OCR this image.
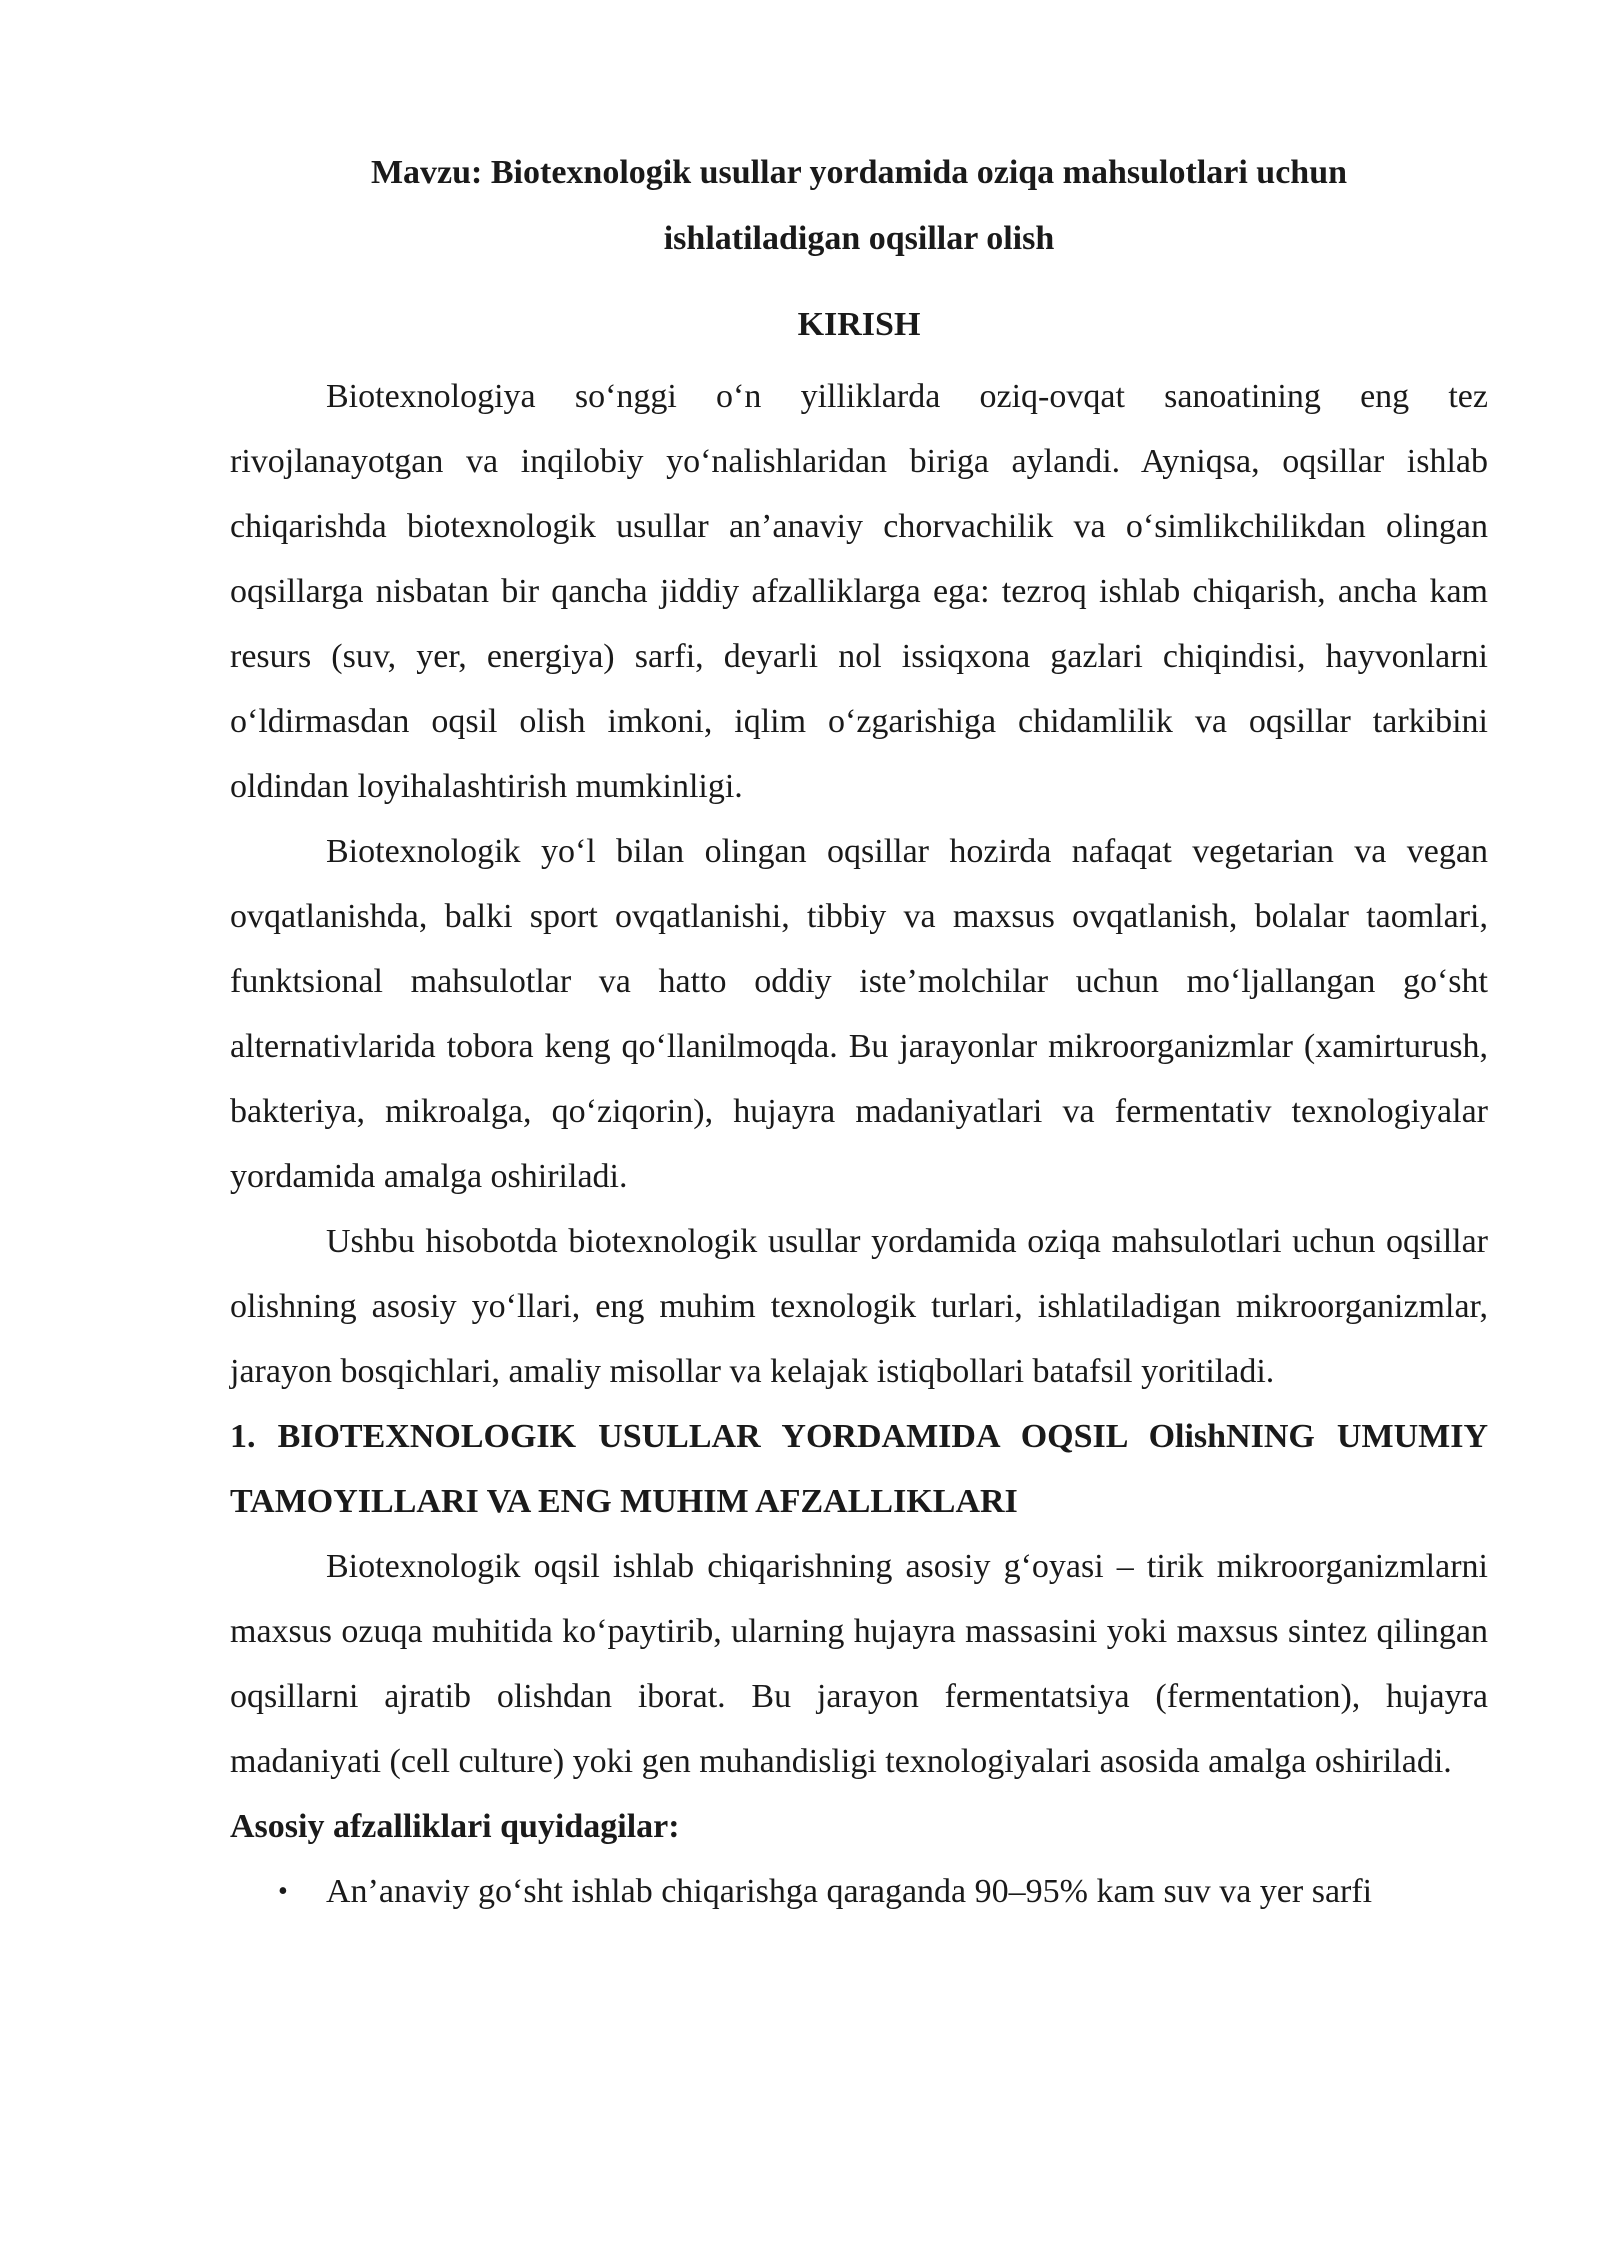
Mavzu: Biotexnologik usullar yordamida oziqa mahsulotlari uchun

ishlatiladigan oqsillar olish

KIRISH

Biotexnologiya so‘nggi o‘n yilliklarda oziq-ovqat sanoatining eng tez rivojlanayotgan va inqilobiy yo‘nalishlaridan biriga aylandi. Ayniqsa, oqsillar ishlab chiqarishda biotexnologik usullar an’anaviy chorvachilik va o‘simlikchilikdan olingan oqsillarga nisbatan bir qancha jiddiy afzalliklarga ega: tezroq ishlab chiqarish, ancha kam resurs (suv, yer, energiya) sarfi, deyarli nol issiqxona gazlari chiqindisi, hayvonlarni o‘ldirmasdan oqsil olish imkoni, iqlim o‘zgarishiga chidamlilik va oqsillar tarkibini oldindan loyihalashtirish mumkinligi.

Biotexnologik yo‘l bilan olingan oqsillar hozirda nafaqat vegetarian va vegan ovqatlanishda, balki sport ovqatlanishi, tibbiy va maxsus ovqatlanish, bolalar taomlari, funktsional mahsulotlar va hatto oddiy iste’molchilar uchun mo‘ljallangan go‘sht alternativlarida tobora keng qo‘llanilmoqda. Bu jarayonlar mikroorganizmlar (xamirturush, bakteriya, mikroalga, qo‘ziqorin), hujayra madaniyatlari va fermentativ texnologiyalar yordamida amalga oshiriladi.

Ushbu hisobotda biotexnologik usullar yordamida oziqa mahsulotlari uchun oqsillar olishning asosiy yo‘llari, eng muhim texnologik turlari, ishlatiladigan mikroorganizmlar, jarayon bosqichlari, amaliy misollar va kelajak istiqbollari batafsil yoritiladi.

1. BIOTEXNOLOGIK USULLAR YORDAMIDA OQSIL OlishNING UMUMIY TAMOYILLARI VA ENG MUHIM AFZALLIKLARI

Biotexnologik oqsil ishlab chiqarishning asosiy g‘oyasi – tirik mikroorganizmlarni maxsus ozuqa muhitida ko‘paytirib, ularning hujayra massasini yoki maxsus sintez qilingan oqsillarni ajratib olishdan iborat. Bu jarayon fermentatsiya (fermentation), hujayra madaniyati (cell culture) yoki gen muhandisligi texnologiyalari asosida amalga oshiriladi.

Asosiy afzalliklari quyidagilar:

• An’anaviy go‘sht ishlab chiqarishga qaraganda 90–95% kam suv va yer sarfi
